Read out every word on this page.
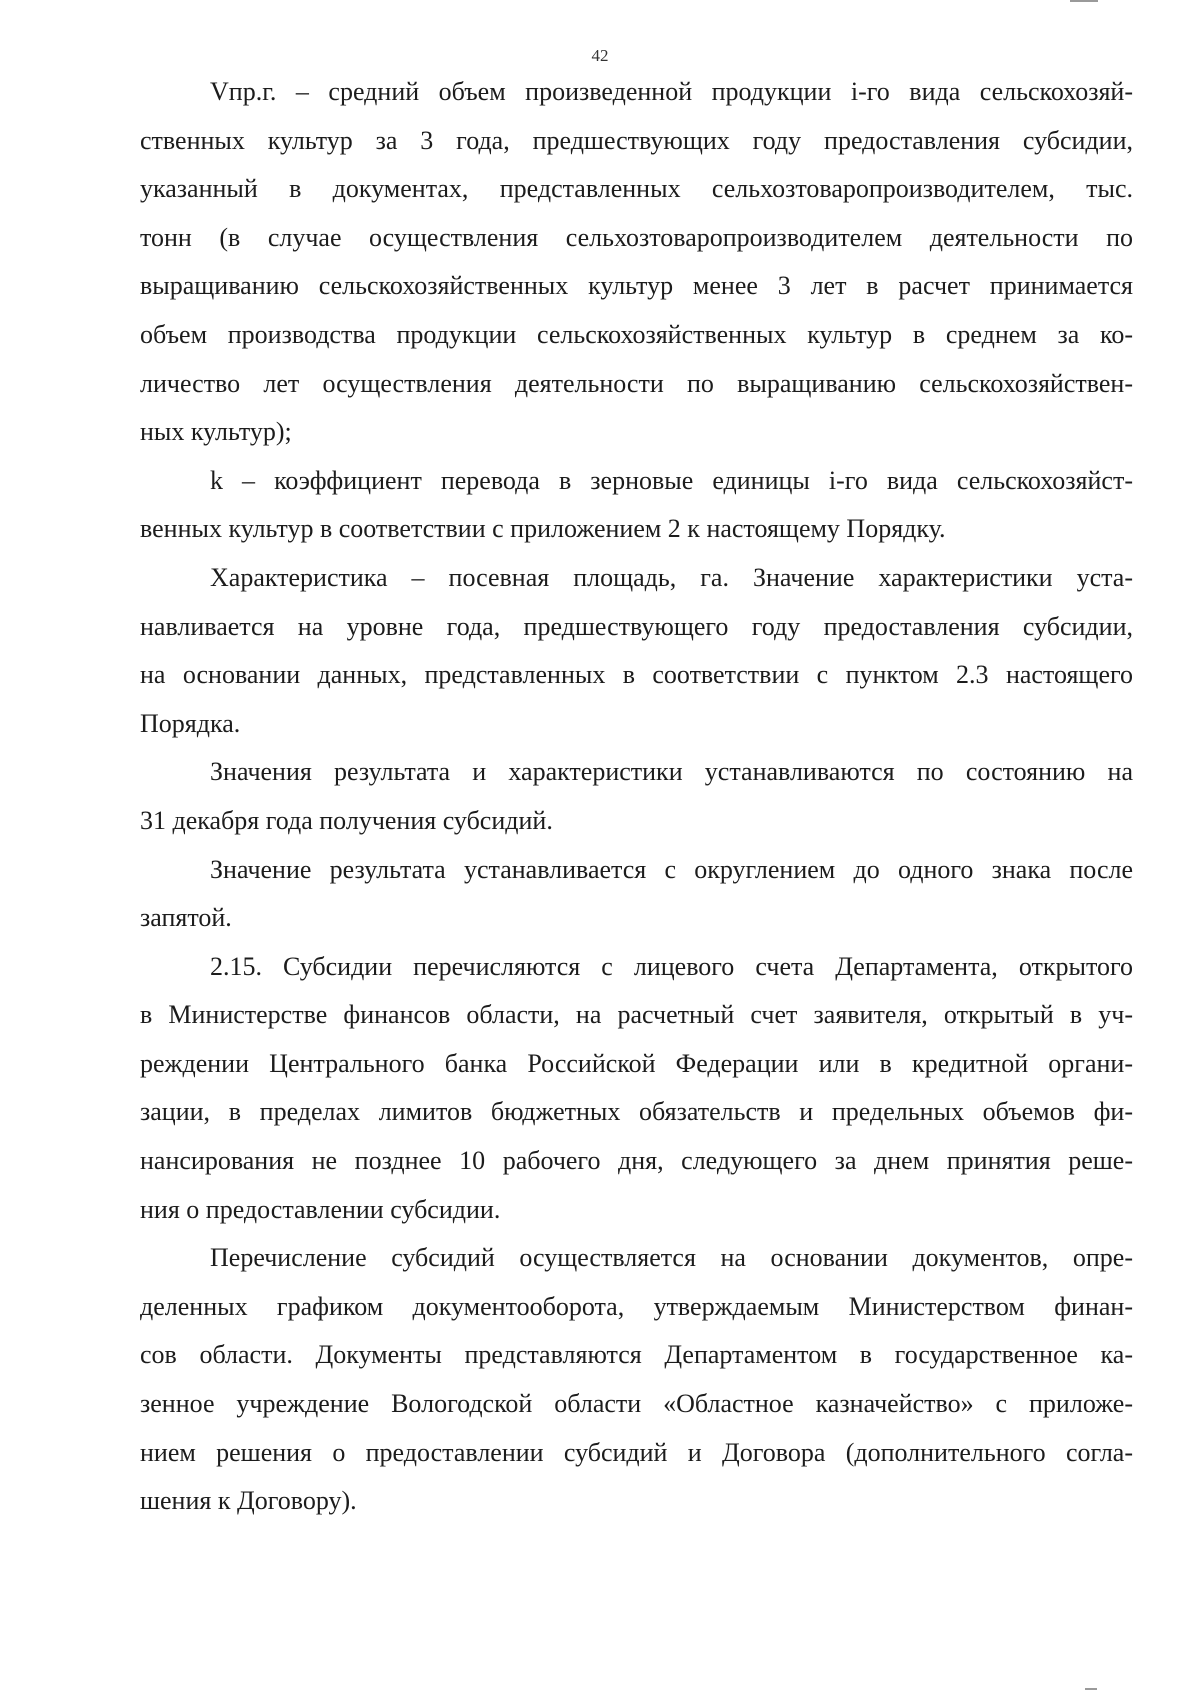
42
Vпр.г. – средний объем произведенной продукции i-го вида сельскохозяй-
ственных культур за 3 года, предшествующих году предоставления субсидии,
указанный в документах, представленных сельхозтоваропроизводителем, тыс.
тонн (в случае осуществления сельхозтоваропроизводителем деятельности по
выращиванию сельскохозяйственных культур менее 3 лет в расчет принимается
объем производства продукции сельскохозяйственных культур в среднем за ко-
личество лет осуществления деятельности по выращиванию сельскохозяйствен-
ных культур);
k – коэффициент перевода в зерновые единицы i-го вида сельскохозяйст-
венных культур в соответствии с приложением 2 к настоящему Порядку.
Характеристика – посевная площадь, га. Значение характеристики уста-
навливается на уровне года, предшествующего году предоставления субсидии,
на основании данных, представленных в соответствии с пунктом 2.3 настоящего
Порядка.
Значения результата и характеристики устанавливаются по состоянию на
31 декабря года получения субсидий.
Значение результата устанавливается с округлением до одного знака после
запятой.
2.15. Субсидии перечисляются с лицевого счета Департамента, открытого
в Министерстве финансов области, на расчетный счет заявителя, открытый в уч-
реждении Центрального банка Российской Федерации или в кредитной органи-
зации, в пределах лимитов бюджетных обязательств и предельных объемов фи-
нансирования не позднее 10 рабочего дня, следующего за днем принятия реше-
ния о предоставлении субсидии.
Перечисление субсидий осуществляется на основании документов, опре-
деленных графиком документооборота, утверждаемым Министерством финан-
сов области. Документы представляются Департаментом в государственное ка-
зенное учреждение Вологодской области «Областное казначейство» с приложе-
нием решения о предоставлении субсидий и Договора (дополнительного согла-
шения к Договору).
